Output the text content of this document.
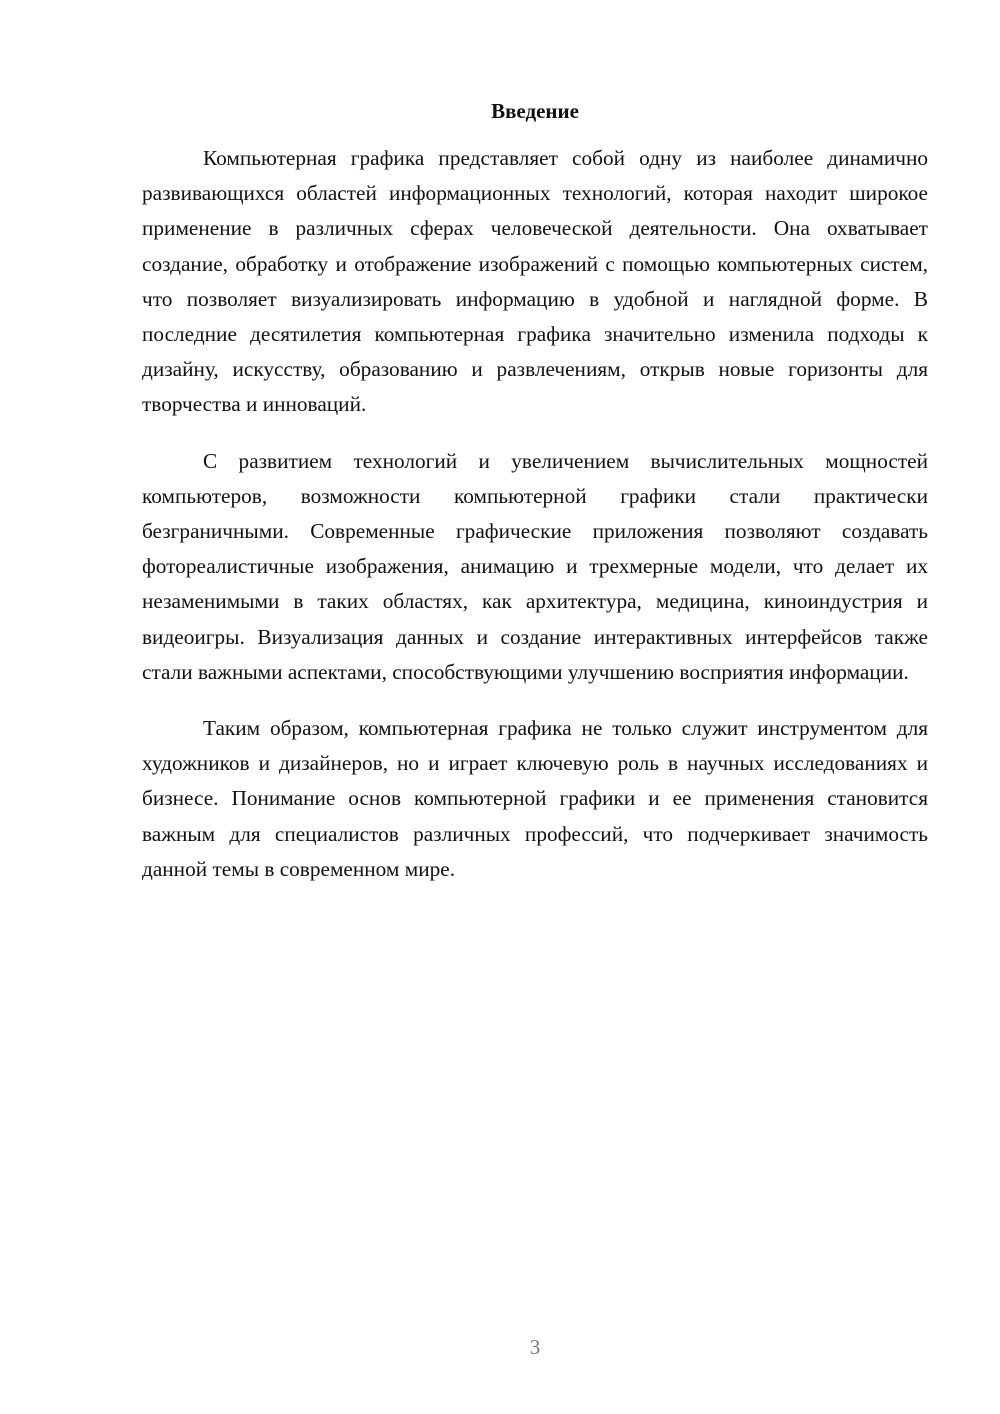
Введение

Компьютерная графика представляет собой одну из наиболее динамично развивающихся областей информационных технологий, которая находит широкое применение в различных сферах человеческой деятельности. Она охватывает создание, обработку и отображение изображений с помощью компьютерных систем, что позволяет визуализировать информацию в удобной и наглядной форме. В последние десятилетия компьютерная графика значительно изменила подходы к дизайну, искусству, образованию и развлечениям, открыв новые горизонты для творчества и инноваций.

С развитием технологий и увеличением вычислительных мощностей компьютеров, возможности компьютерной графики стали практически безграничными. Современные графические приложения позволяют создавать фотореалистичные изображения, анимацию и трехмерные модели, что делает их незаменимыми в таких областях, как архитектура, медицина, киноиндустрия и видеоигры. Визуализация данных и создание интерактивных интерфейсов также стали важными аспектами, способствующими улучшению восприятия информации.

Таким образом, компьютерная графика не только служит инструментом для художников и дизайнеров, но и играет ключевую роль в научных исследованиях и бизнесе. Понимание основ компьютерной графики и ее применения становится важным для специалистов различных профессий, что подчеркивает значимость данной темы в современном мире.

3
